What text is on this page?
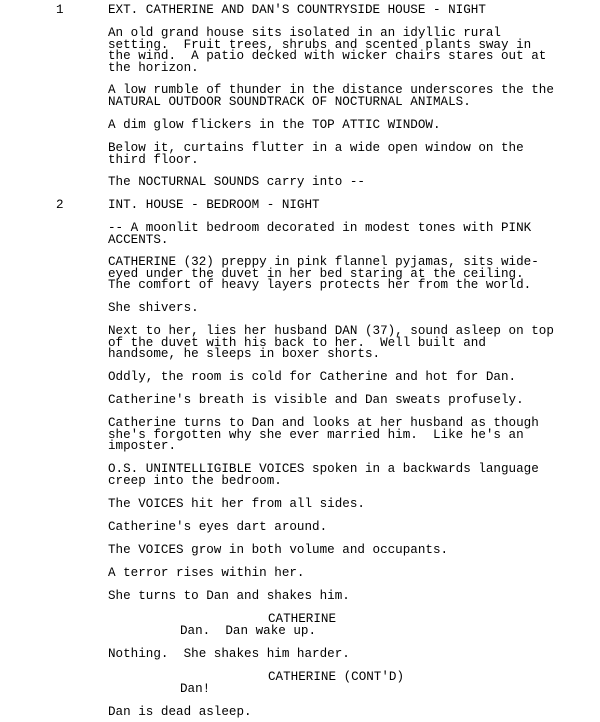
1	EXT. CATHERINE AND DAN'S COUNTRYSIDE HOUSE - NIGHT

An old grand house sits isolated in an idyllic rural
setting.  Fruit trees, shrubs and scented plants sway in
the wind.  A patio decked with wicker chairs stares out at
the horizon.

A low rumble of thunder in the distance underscores the the
NATURAL OUTDOOR SOUNDTRACK OF NOCTURNAL ANIMALS.

A dim glow flickers in the TOP ATTIC WINDOW.

Below it, curtains flutter in a wide open window on the
third floor.

The NOCTURNAL SOUNDS carry into --

2	INT. HOUSE - BEDROOM - NIGHT

-- A moonlit bedroom decorated in modest tones with PINK
ACCENTS.

CATHERINE (32) preppy in pink flannel pyjamas, sits wide-
eyed under the duvet in her bed staring at the ceiling.
The comfort of heavy layers protects her from the world.

She shivers.

Next to her, lies her husband DAN (37), sound asleep on top
of the duvet with his back to her.  Well built and
handsome, he sleeps in boxer shorts.

Oddly, the room is cold for Catherine and hot for Dan.

Catherine's breath is visible and Dan sweats profusely.

Catherine turns to Dan and looks at her husband as though
she's forgotten why she ever married him.  Like he's an
imposter.

O.S. UNINTELLIGIBLE VOICES spoken in a backwards language
creep into the bedroom.

The VOICES hit her from all sides.

Catherine's eyes dart around.

The VOICES grow in both volume and occupants.

A terror rises within her.

She turns to Dan and shakes him.

CATHERINE

Dan.  Dan wake up.

Nothing.  She shakes him harder.

CATHERINE (CONT'D)

Dan!

Dan is dead asleep.
